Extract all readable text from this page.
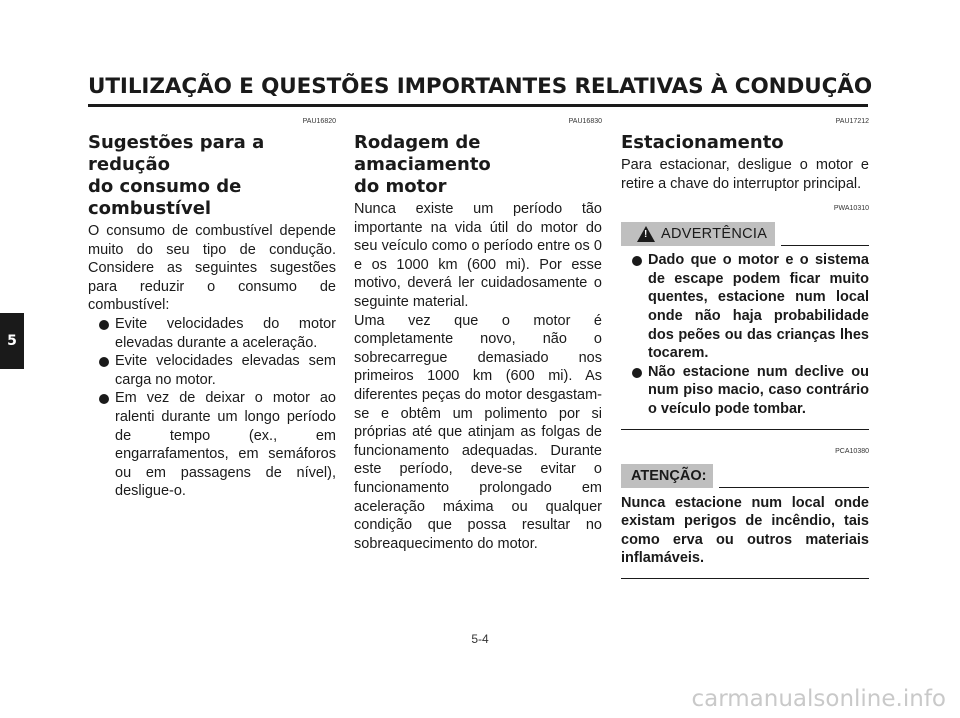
UTILIZAÇÃO E QUESTÕES IMPORTANTES RELATIVAS À CONDUÇÃO
5
PAU16820
Sugestões para a redução
do consumo de combustível

O consumo de combustível depende muito do seu tipo de condução. Considere as seguintes sugestões para reduzir o consumo de combustível:

Evite velocidades do motor elevadas durante a aceleração.
Evite velocidades elevadas sem carga no motor.
Em vez de deixar o motor ao ralenti durante um longo período de tempo (ex., em engarrafamentos, em semáforos ou em passagens de nível), desligue-o.
PAU16830
Rodagem de amaciamento
do motor

Nunca existe um período tão importante na vida útil do motor do seu veículo como o período entre os 0 e os 1000 km (600 mi). Por esse motivo, deverá ler cuidadosamente o seguinte material.

Uma vez que o motor é completamente novo, não o sobrecarregue demasiado nos primeiros 1000 km (600 mi). As diferentes peças do motor desgastam-se e obtêm um polimento por si próprias até que atinjam as folgas de funcionamento adequadas. Durante este período, deve-se evitar o funcionamento prolongado em aceleração máxima ou qualquer condição que possa resultar no sobreaquecimento do motor.

PAU17212
Estacionamento

Para estacionar, desligue o motor e retire a chave do interruptor principal.

PWA10310
! ADVERTÊNCIA
Dado que o motor e o sistema de escape podem ficar muito quentes, estacione num local onde não haja probabilidade dos peões ou das crianças lhes tocarem.
Não estacione num declive ou num piso macio, caso contrário o veículo pode tombar.
PCA10380
ATENÇÃO:

Nunca estacione num local onde existam perigos de incêndio, tais como erva ou outros materiais inflamáveis.

5-4
carmanualsonline.info
